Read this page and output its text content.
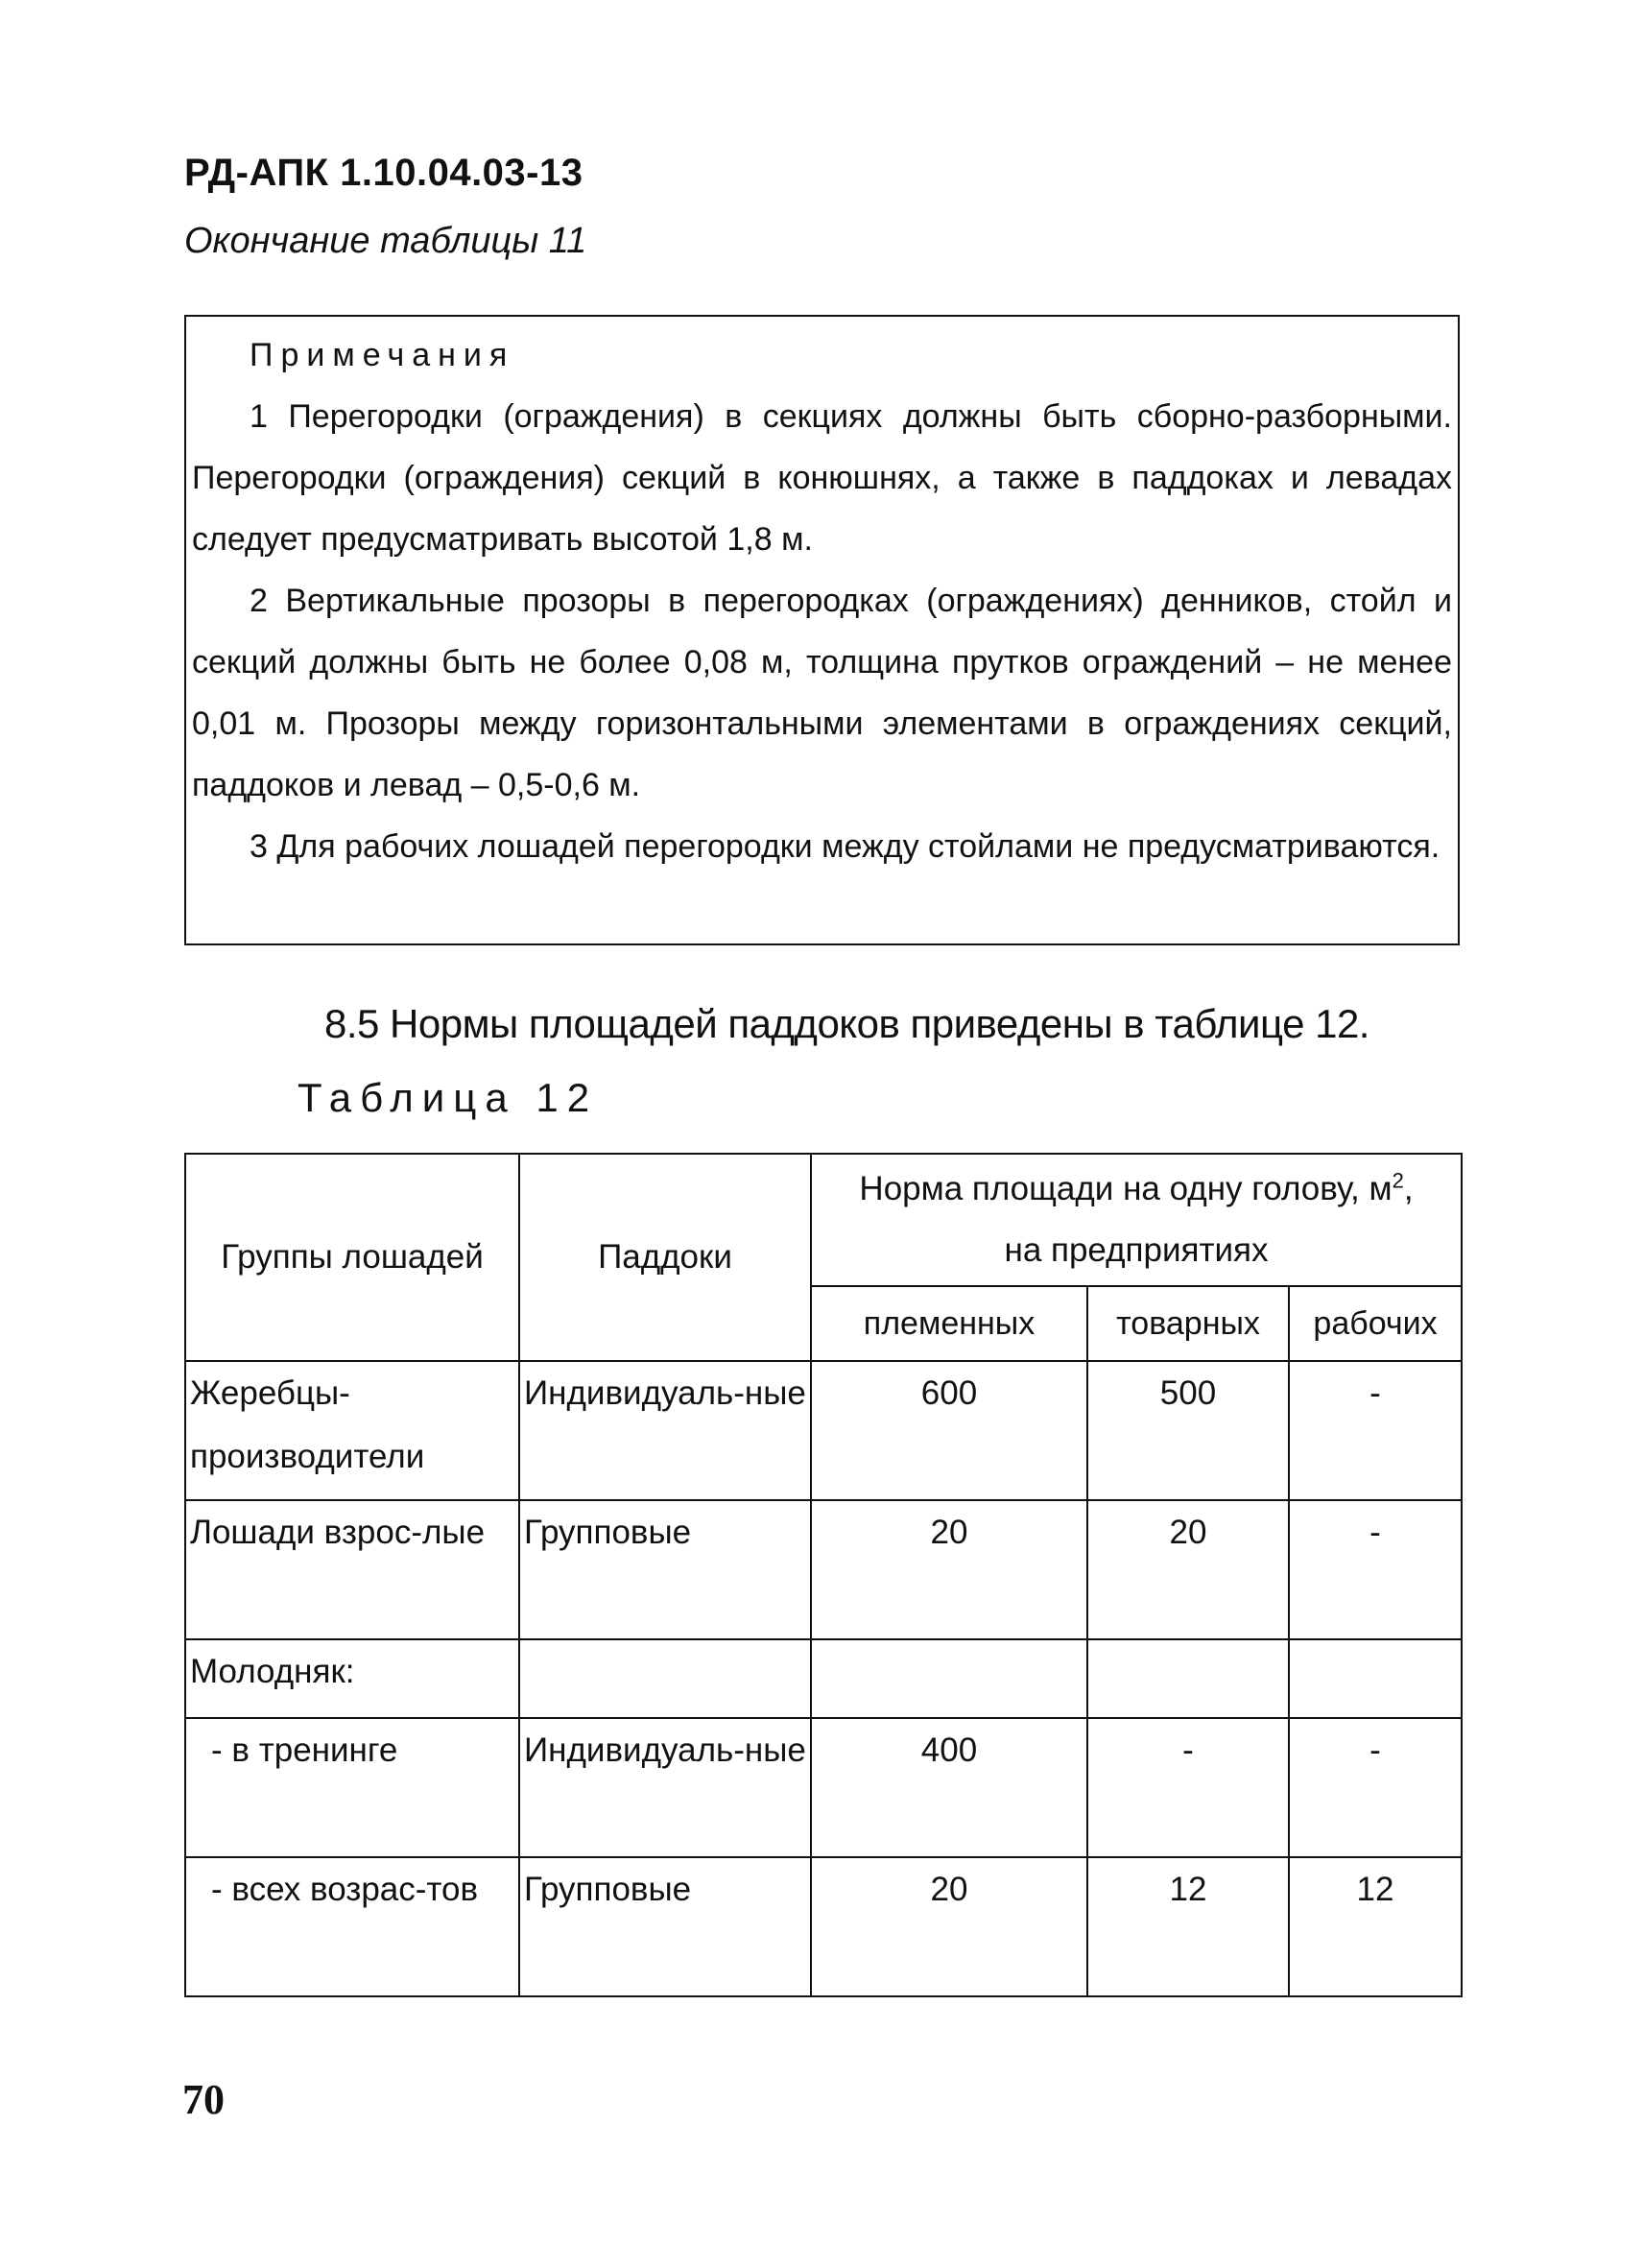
РД-АПК 1.10.04.03-13
Окончание таблицы 11
Примечания

1 Перегородки (ограждения) в секциях должны быть сборно-разборными. Перегородки (ограждения) секций в конюшнях, а также в паддоках и левадах следует предусматривать высотой 1,8 м.

2 Вертикальные прозоры в перегородках (ограждениях) денников, стойл и секций должны быть не более 0,08 м, толщина прутков ограждений – не менее 0,01 м. Прозоры между горизонтальными элементами в ограждениях секций, паддоков и левад – 0,5-0,6 м.

3 Для рабочих лошадей перегородки между стойлами не предусматриваются.

8.5 Нормы площадей паддоков приведены в таблице 12.
Таблица 12
Группы лошадей	Паддоки	Норма площади на одну голову, $м^2$,
на предприятиях		
		племенных	товарных	рабочих
Жеребцы-производители	Индивидуаль-ные	600	500	-
Лошади взрос-лые	Групповые	20	20	-
Молодняк:				
- в тренинге	Индивидуаль-ные	400	-	-
- всех возрас-тов	Групповые	20	12	12
70
